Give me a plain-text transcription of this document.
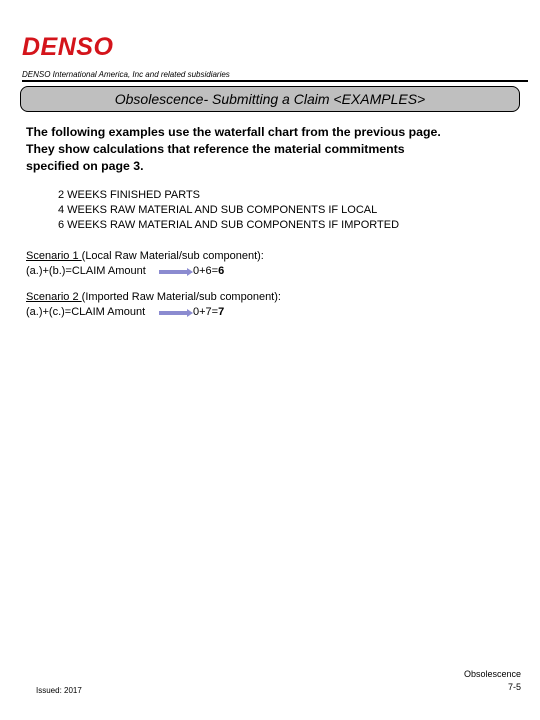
DENSO
DENSO International America, Inc and related subsidiaries
Obsolescence- Submitting a Claim <EXAMPLES>
The following examples use the waterfall chart from the previous page.
They show calculations that reference the material commitments
specified on page 3.
2 WEEKS FINISHED PARTS
4 WEEKS RAW MATERIAL AND SUB COMPONENTS IF LOCAL
6 WEEKS RAW MATERIAL AND SUB COMPONENTS IF IMPORTED
Scenario 1 (Local Raw Material/sub component):
(a.)+(b.)=CLAIM Amount	0+6=6
Scenario 2 (Imported Raw Material/sub component):
(a.)+(c.)=CLAIM Amount	0+7=7
Issued: 2017
Obsolescence
7-5
